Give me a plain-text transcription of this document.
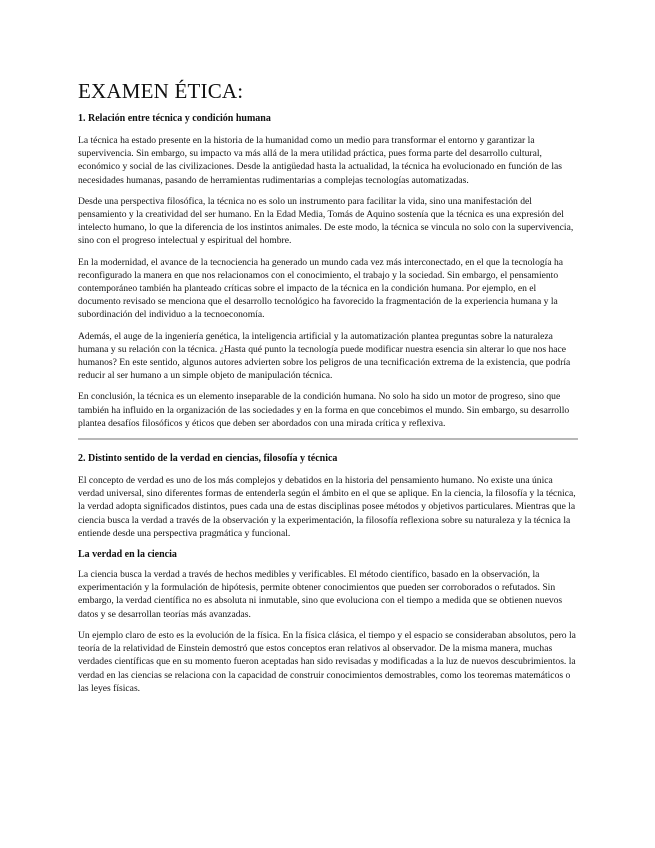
EXAMEN ÉTICA:
1. Relación entre técnica y condición humana

La técnica ha estado presente en la historia de la humanidad como un medio para transformar el entorno y garantizar la supervivencia. Sin embargo, su impacto va más allá de la mera utilidad práctica, pues forma parte del desarrollo cultural, económico y social de las civilizaciones. Desde la antigüedad hasta la actualidad, la técnica ha evolucionado en función de las necesidades humanas, pasando de herramientas rudimentarias a complejas tecnologías automatizadas.

Desde una perspectiva filosófica, la técnica no es solo un instrumento para facilitar la vida, sino una manifestación del pensamiento y la creatividad del ser humano. En la Edad Media, Tomás de Aquino sostenía que la técnica es una expresión del intelecto humano, lo que la diferencia de los instintos animales. De este modo, la técnica se vincula no solo con la supervivencia, sino con el progreso intelectual y espiritual del hombre.

En la modernidad, el avance de la tecnociencia ha generado un mundo cada vez más interconectado, en el que la tecnología ha reconfigurado la manera en que nos relacionamos con el conocimiento, el trabajo y la sociedad. Sin embargo, el pensamiento contemporáneo también ha planteado críticas sobre el impacto de la técnica en la condición humana. Por ejemplo, en el documento revisado se menciona que el desarrollo tecnológico ha favorecido la fragmentación de la experiencia humana y la subordinación del individuo a la tecnoeconomía.

Además, el auge de la ingeniería genética, la inteligencia artificial y la automatización plantea preguntas sobre la naturaleza humana y su relación con la técnica. ¿Hasta qué punto la tecnología puede modificar nuestra esencia sin alterar lo que nos hace humanos? En este sentido, algunos autores advierten sobre los peligros de una tecnificación extrema de la existencia, que podría reducir al ser humano a un simple objeto de manipulación técnica.

En conclusión, la técnica es un elemento inseparable de la condición humana. No solo ha sido un motor de progreso, sino que también ha influido en la organización de las sociedades y en la forma en que concebimos el mundo. Sin embargo, su desarrollo plantea desafíos filosóficos y éticos que deben ser abordados con una mirada crítica y reflexiva.

2. Distinto sentido de la verdad en ciencias, filosofía y técnica

El concepto de verdad es uno de los más complejos y debatidos en la historia del pensamiento humano. No existe una única verdad universal, sino diferentes formas de entenderla según el ámbito en el que se aplique. En la ciencia, la filosofía y la técnica, la verdad adopta significados distintos, pues cada una de estas disciplinas posee métodos y objetivos particulares. Mientras que la ciencia busca la verdad a través de la observación y la experimentación, la filosofía reflexiona sobre su naturaleza y la técnica la entiende desde una perspectiva pragmática y funcional.

La verdad en la ciencia

La ciencia busca la verdad a través de hechos medibles y verificables. El método científico, basado en la observación, la experimentación y la formulación de hipótesis, permite obtener conocimientos que pueden ser corroborados o refutados. Sin embargo, la verdad científica no es absoluta ni inmutable, sino que evoluciona con el tiempo a medida que se obtienen nuevos datos y se desarrollan teorías más avanzadas.

Un ejemplo claro de esto es la evolución de la física. En la física clásica, el tiempo y el espacio se consideraban absolutos, pero la teoría de la relatividad de Einstein demostró que estos conceptos eran relativos al observador. De la misma manera, muchas verdades científicas que en su momento fueron aceptadas han sido revisadas y modificadas a la luz de nuevos descubrimientos. la verdad en las ciencias se relaciona con la capacidad de construir conocimientos demostrables, como los teoremas matemáticos o las leyes físicas.
